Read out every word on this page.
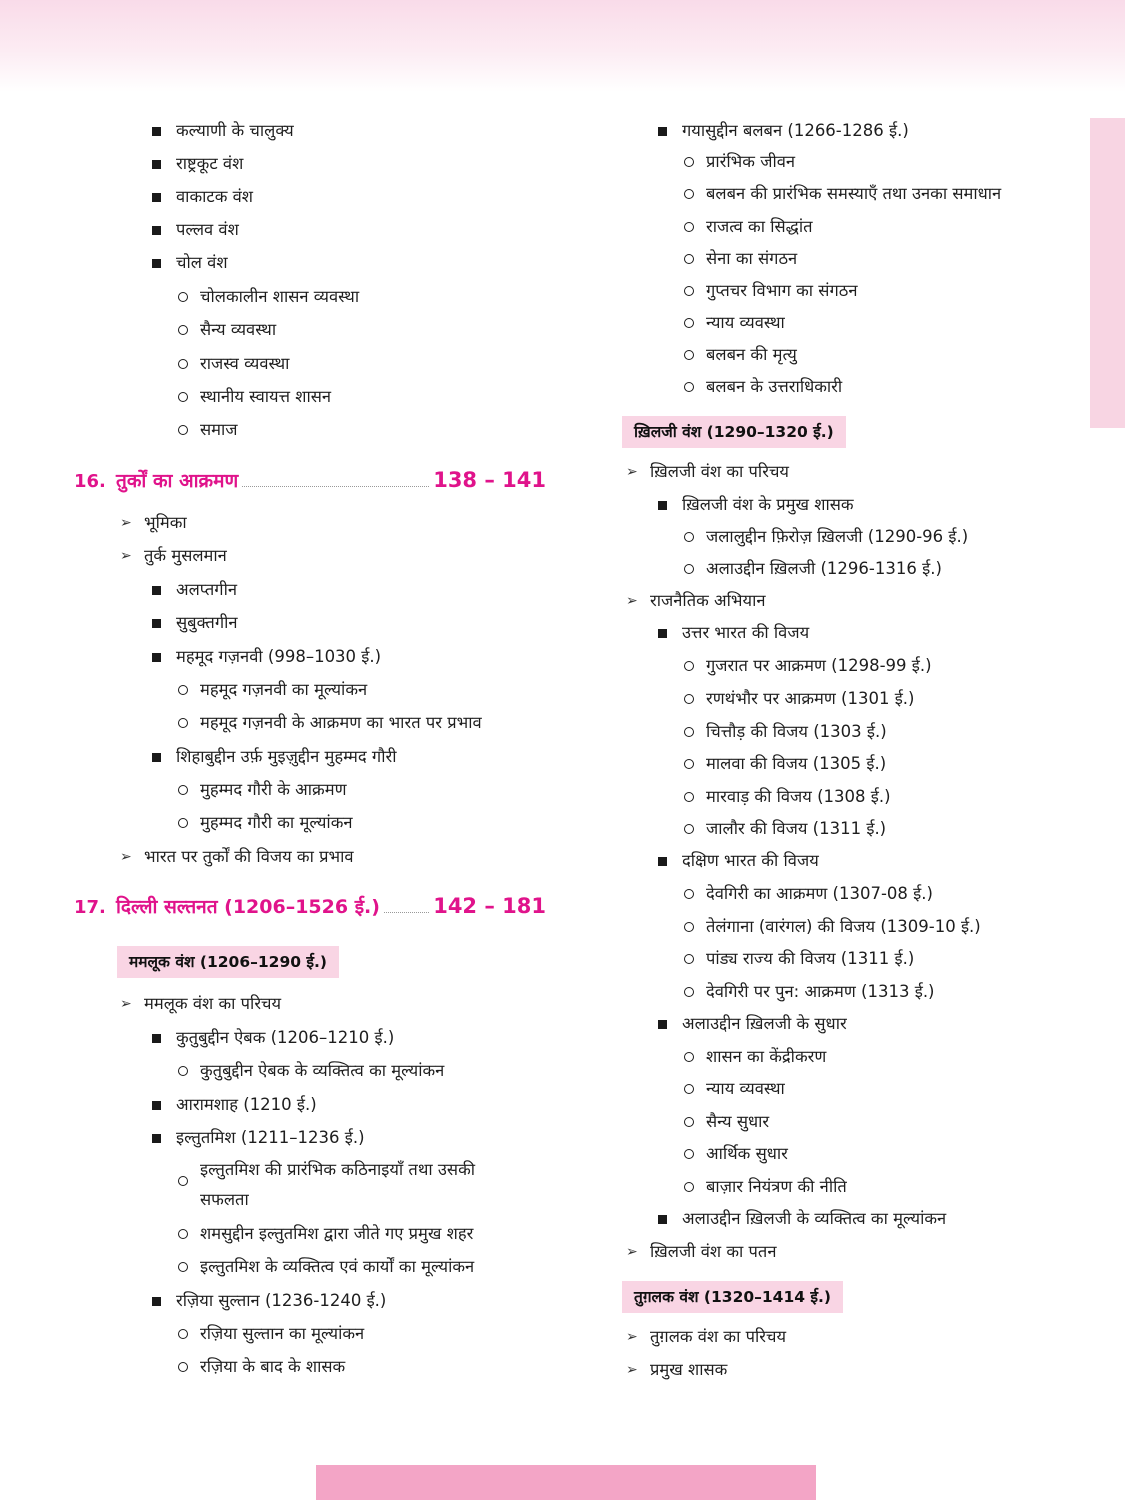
कल्याणी के चालुक्य
राष्ट्रकूट वंश
वाकाटक वंश
पल्लव वंश
चोल वंश
चोलकालीन शासन व्यवस्था
सैन्य व्यवस्था
राजस्व व्यवस्था
स्थानीय स्वायत्त शासन
समाज
16. तुर्कों का आक्रमण	138 – 141
➢ भूमिका
➢ तुर्क मुसलमान
अलप्तगीन
सुबुक्तगीन
महमूद गज़नवी (998–1030 ई.)
महमूद गज़नवी का मूल्यांकन
महमूद गज़नवी के आक्रमण का भारत पर प्रभाव
शिहाबुद्दीन उर्फ़ मुइज़ुद्दीन मुहम्मद गौरी
मुहम्मद गौरी के आक्रमण
मुहम्मद गौरी का मूल्यांकन
➢ भारत पर तुर्कों की विजय का प्रभाव
17. दिल्ली सल्तनत (1206–1526 ई.)	142 – 181
ममलूक वंश (1206–1290 ई.)
➢ ममलूक वंश का परिचय
कुतुबुद्दीन ऐबक (1206–1210 ई.)
कुतुबुद्दीन ऐबक के व्यक्तित्व का मूल्यांकन
आरामशाह (1210 ई.)
इल्तुतमिश (1211–1236 ई.)
इल्तुतमिश की प्रारंभिक कठिनाइयाँ तथा उसकी सफलता
शमसुद्दीन इल्तुतमिश द्वारा जीते गए प्रमुख शहर
इल्तुतमिश के व्यक्तित्व एवं कार्यों का मूल्यांकन
रज़िया सुल्तान (1236-1240 ई.)
रज़िया सुल्तान का मूल्यांकन
रज़िया के बाद के शासक
गयासुद्दीन बलबन (1266-1286 ई.)
प्रारंभिक जीवन
बलबन की प्रारंभिक समस्याएँ तथा उनका समाधान
राजत्व का सिद्धांत
सेना का संगठन
गुप्तचर विभाग का संगठन
न्याय व्यवस्था
बलबन की मृत्यु
बलबन के उत्तराधिकारी
ख़िलजी वंश (1290–1320 ई.)
➢ ख़िलजी वंश का परिचय
ख़िलजी वंश के प्रमुख शासक
जलालुद्दीन फ़िरोज़ ख़िलजी (1290-96 ई.)
अलाउद्दीन ख़िलजी (1296-1316 ई.)
➢ राजनैतिक अभियान
उत्तर भारत की विजय
गुजरात पर आक्रमण (1298-99 ई.)
रणथंभौर पर आक्रमण (1301 ई.)
चित्तौड़ की विजय (1303 ई.)
मालवा की विजय (1305 ई.)
मारवाड़ की विजय (1308 ई.)
जालौर की विजय (1311 ई.)
दक्षिण भारत की विजय
देवगिरी का आक्रमण (1307-08 ई.)
तेलंगाना (वारंगल) की विजय (1309-10 ई.)
पांड्य राज्य की विजय (1311 ई.)
देवगिरी पर पुन: आक्रमण (1313 ई.)
अलाउद्दीन ख़िलजी के सुधार
शासन का केंद्रीकरण
न्याय व्यवस्था
सैन्य सुधार
आर्थिक सुधार
बाज़ार नियंत्रण की नीति
अलाउद्दीन ख़िलजी के व्यक्तित्व का मूल्यांकन
➢ ख़िलजी वंश का पतन
तुग़लक वंश (1320–1414 ई.)
➢ तुग़लक वंश का परिचय
➢ प्रमुख शासक
